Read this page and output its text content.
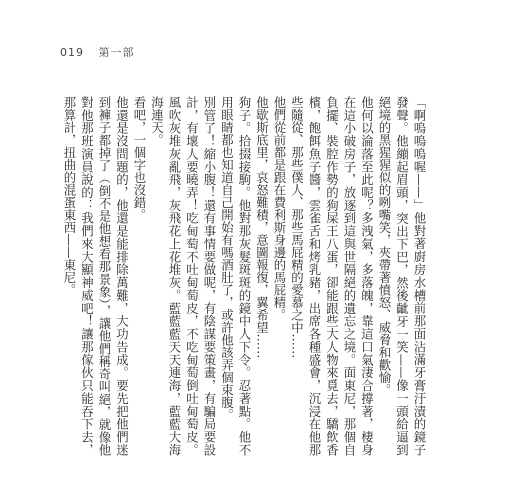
019 第一部

「啊嗚嗚嗚喔——」他對著廚房水槽前那面沾滿牙膏汙漬的鏡子發聲。他繃起眉頭，突出下巴，然後齜牙一笑——像一頭給逼到絕境的黑猩猩似的咧嘴笑，夾帶著憤怒、威脅和歡愉。

他何以淪落至此呢？多洩氣，多落魄，靠這口氣淒合撐著，棲身在這小破房子，放逐到這與世隔絕的遺忘之境。面東尼，那個自負擺、裝腔作勢的狗屎王八蛋，卻能跟些大人物來覓去，驕飲香檳，飽餌魚子醬，雲雀舌和烤乳豬，出席各種盛會，沉浸在他那些隨從、那些僕人、那些馬屁精的愛慕之中……

他們從前都是跟在費利斯身邊的馬屁精。

他歇斯底里，哀怒難積，意圖報復，翼希望……

狗子。拾掇接駒。他對那灰髮斑斑的鏡中人下令。忍著點。他不用眼睛都也知道自己開始有嗎酒肚了，或許他該弄個束腹。

別管了！縮小腹！還有事情要做呢，有陰謀要策畫，有騙局要設計，有壞人要曉弄！吃甸萄不吐甸萄皮，不吃甸萄倒吐甸萄皮。風吹灰堆灰亂飛，灰飛花上花堆灰。藍藍藍天天連海，藍藍大海海連天。

看吧，一個字也沒錯。

他還是沒問題的，他還是能排除萬難，大功告成。要先把他們迷到褲子都掉了（倒不是他想看那景象），讓他們稱奇叫絕，就像他對他那班演員說的：我們來大顯神威吧！讓那傢伙只能吞下去，那算計，扭曲的混蛋東西——東尼。
